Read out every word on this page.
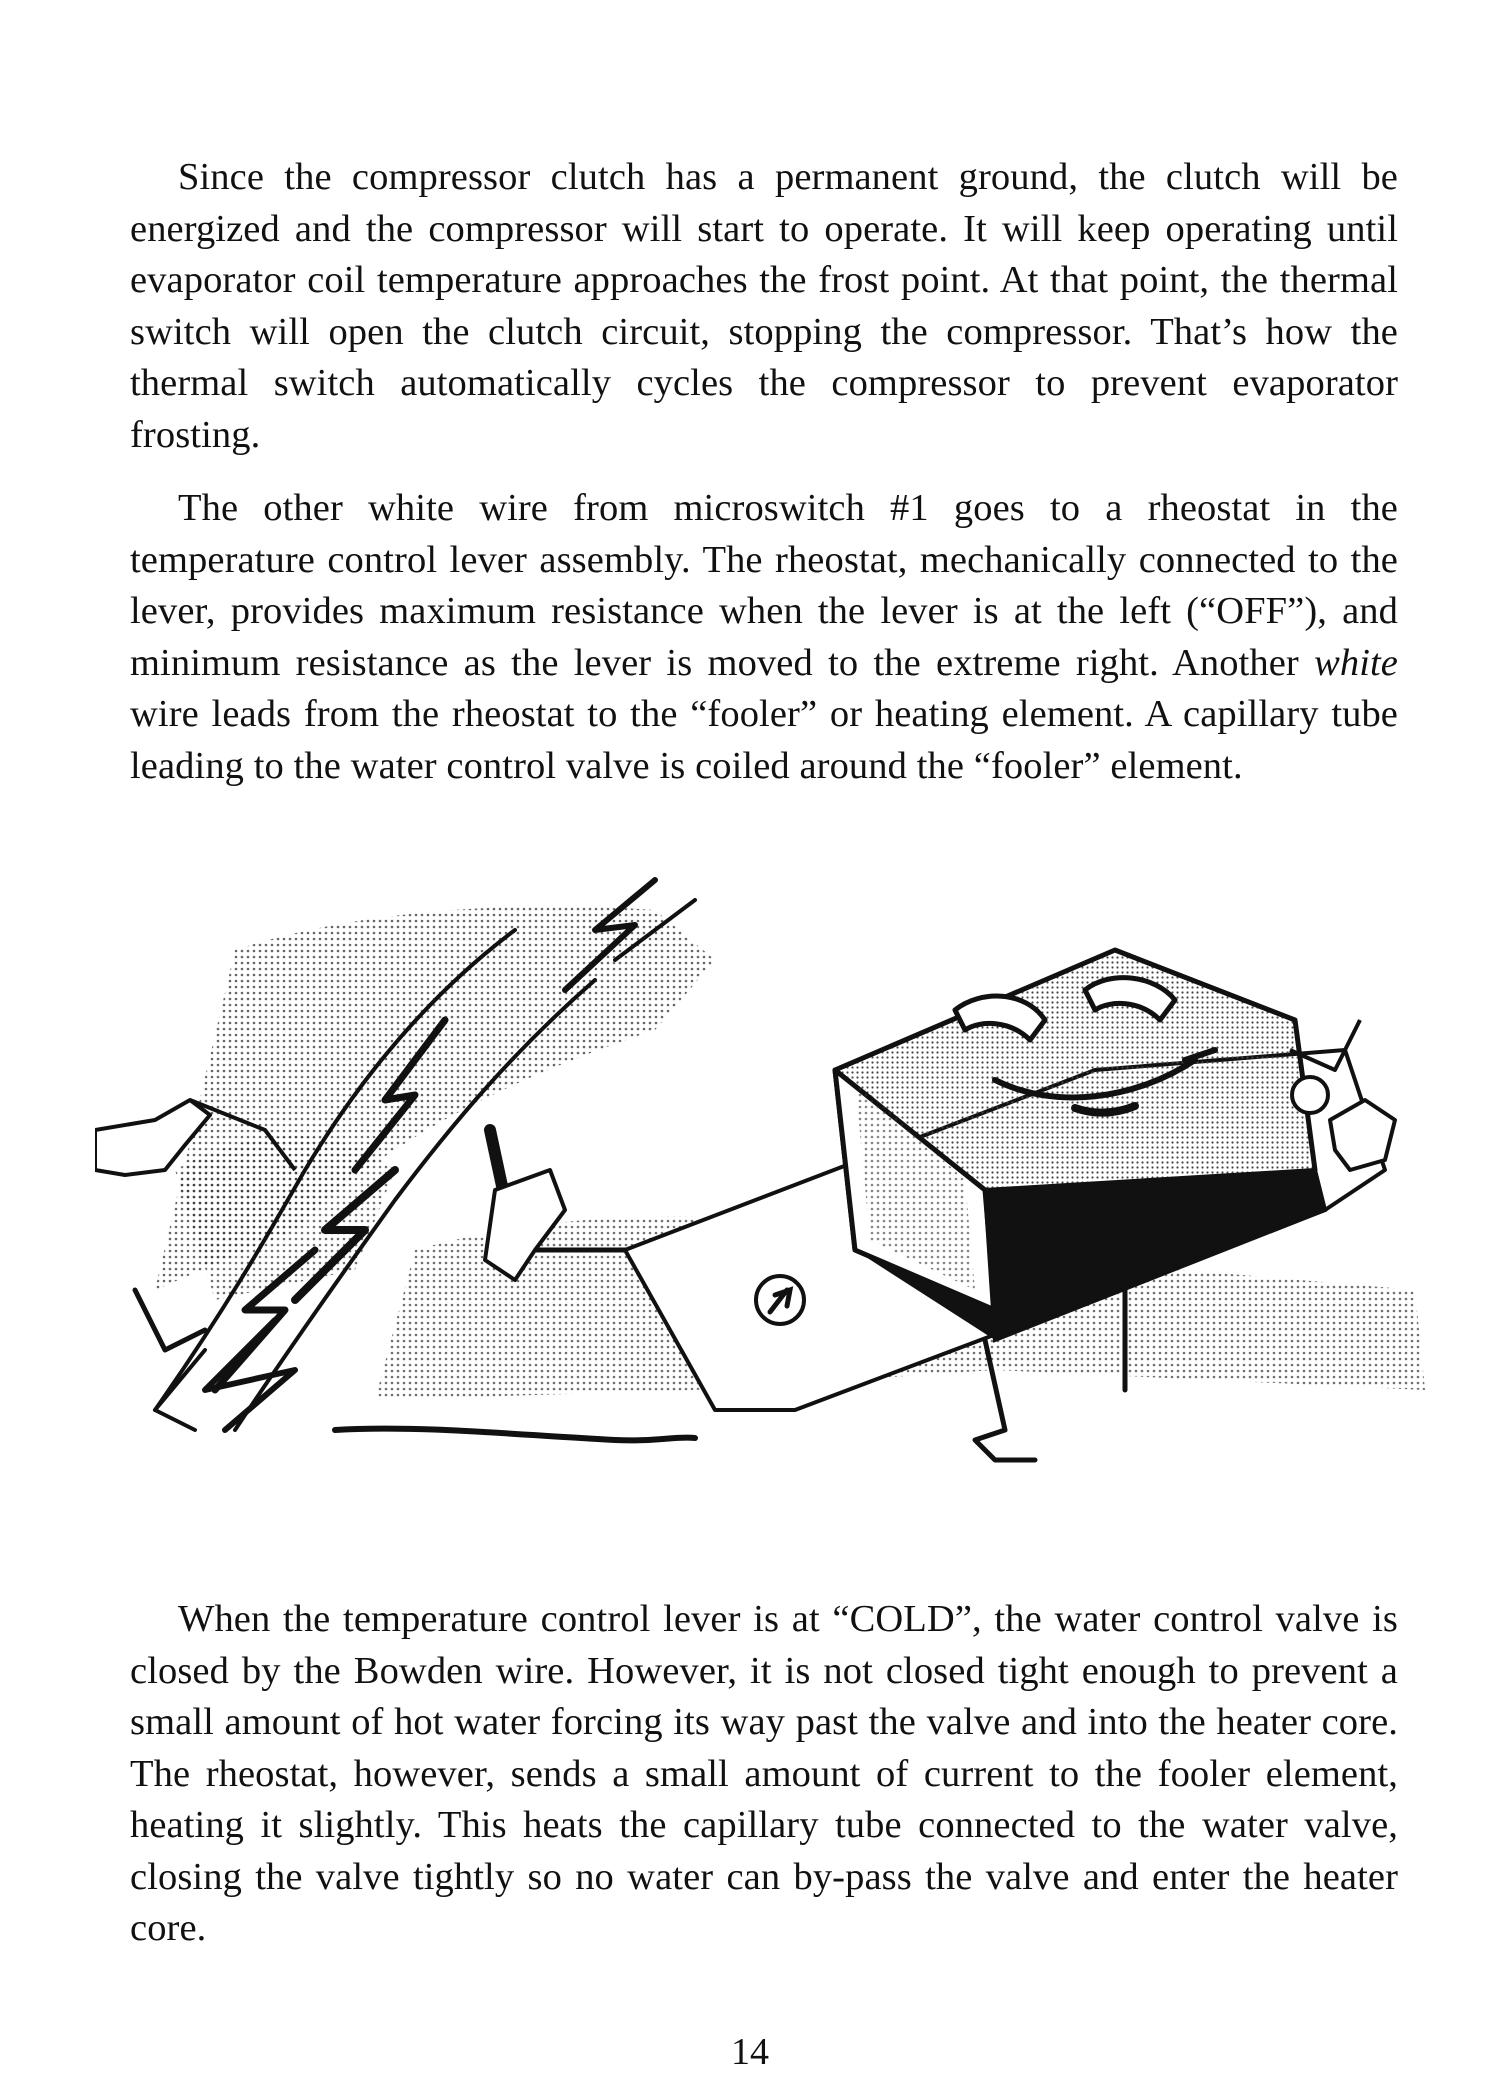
Since the compressor clutch has a permanent ground, the clutch will be energized and the compressor will start to operate. It will keep operating until evaporator coil temperature approaches the frost point. At that point, the thermal switch will open the clutch circuit, stopping the compressor. That’s how the thermal switch automatically cycles the compressor to prevent evaporator frosting.

The other white wire from microswitch #1 goes to a rheostat in the temperature control lever assembly. The rheostat, mechanically connected to the lever, provides maximum resistance when the lever is at the left (“OFF”), and minimum resistance as the lever is moved to the extreme right. Another white wire leads from the rheostat to the “fooler” or heating element. A capillary tube leading to the water control valve is coiled around the “fooler” element.

When the temperature control lever is at “COLD”, the water control valve is closed by the Bowden wire. However, it is not closed tight enough to prevent a small amount of hot water forcing its way past the valve and into the heater core. The rheostat, however, sends a small amount of current to the fooler element, heating it slightly. This heats the capillary tube connected to the water valve, closing the valve tightly so no water can by-pass the valve and enter the heater core.

14
